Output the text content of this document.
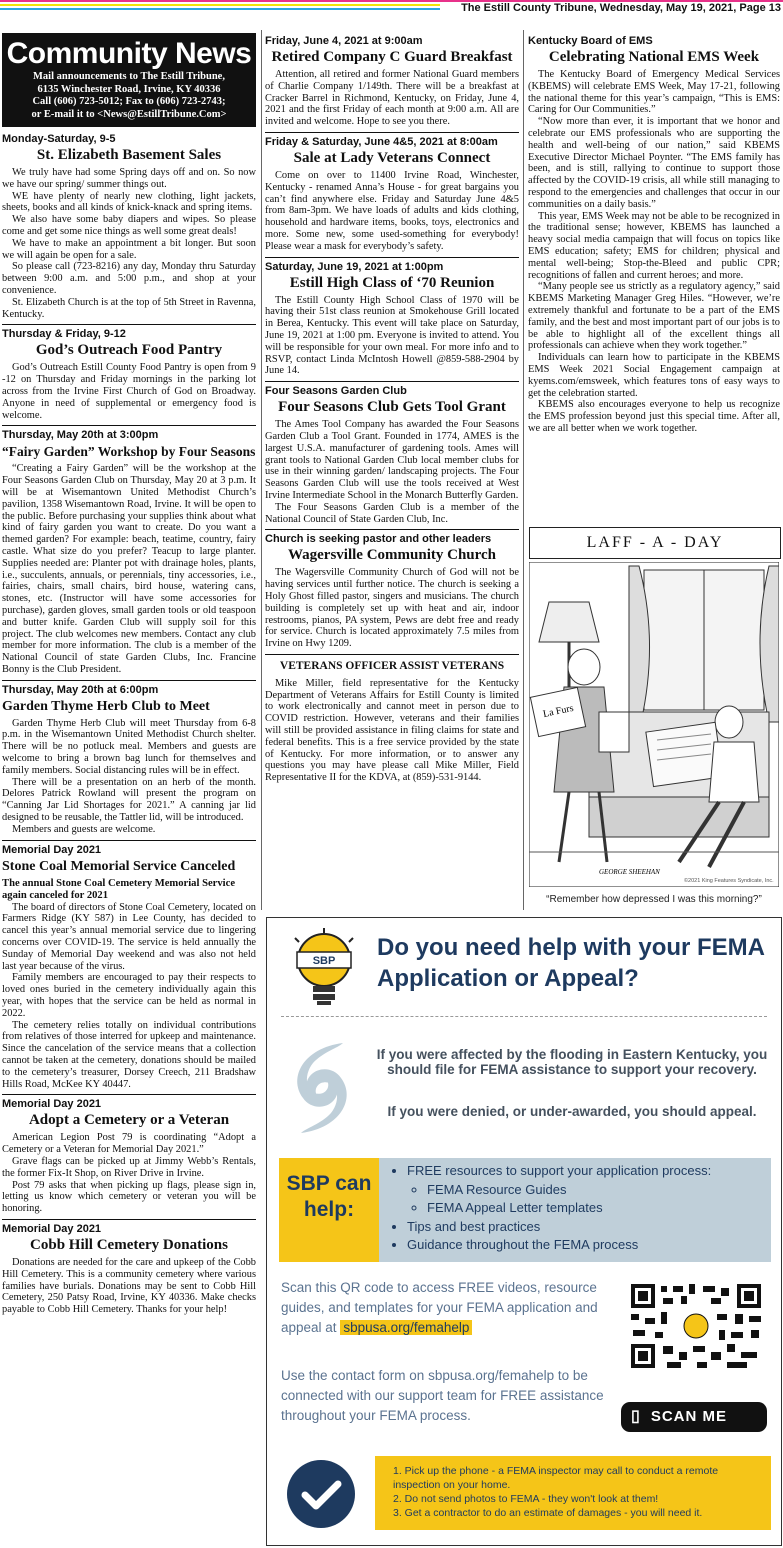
The Estill County Tribune, Wednesday, May 19, 2021, Page 13
Community News
Mail announcements to The Estill Tribune,
6135 Winchester Road, Irvine, KY 40336
Call (606) 723-5012; Fax to (606) 723-2743;
or E-mail it to <News@EstillTribune.Com>
Monday-Saturday, 9-5
St. Elizabeth Basement Sales

We truly have had some Spring days off and on. So now we have our spring/ summer things out.

WE have plenty of nearly new clothing, light jackets, sheets, books and all kinds of knick-knack and spring items.

We also have some baby diapers and wipes. So please come and get some nice things as well some great deals!

We have to make an appointment a bit longer. But soon we will again be open for a sale.

So please call (723-8216) any day, Monday thru Saturday between 9:00 a.m. and 5:00 p.m., and shop at your convenience.

St. Elizabeth Church is at the top of 5th Street in Ravenna, Kentucky.

Thursday & Friday, 9-12
God’s Outreach Food Pantry

God’s Outreach Estill County Food Pantry is open from 9 -12 on Thursday and Friday mornings in the parking lot across from the Irvine First Church of God on Broadway. Anyone in need of supplemental or emergency food is welcome.

Thursday, May 20th at 3:00pm
“Fairy Garden” Workshop by Four Seasons

“Creating a Fairy Garden” will be the workshop at the Four Seasons Garden Club on Thursday, May 20 at 3 p.m. It will be at Wisemantown United Methodist Church’s pavilion, 1358 Wisemantown Road, Irvine. It will be open to the public. Before purchasing your supplies think about what kind of fairy garden you want to create. Do you want a themed garden? For example: beach, teatime, country, fairy castle. What size do you prefer? Teacup to large planter. Supplies needed are: Planter pot with drainage holes, plants, i.e., succulents, annuals, or perennials, tiny accessories, i.e., fairies, chairs, small chairs, bird house, watering cans, stones, etc. (Instructor will have some accessories for purchase), garden gloves, small garden tools or old teaspoon and butter knife. Garden Club will supply soil for this project. The club welcomes new members. Contact any club member for more information. The club is a member of the National Council of state Garden Clubs, Inc. Francine Bonny is the Club President.

Thursday, May 20th at 6:00pm
Garden Thyme Herb Club to Meet

Garden Thyme Herb Club will meet Thursday from 6-8 p.m. in the Wisemantown United Methodist Church shelter. There will be no potluck meal. Members and guests are welcome to bring a brown bag lunch for themselves and family members. Social distancing rules will be in effect.

There will be a presentation on an herb of the month. Delores Patrick Rowland will present the program on “Canning Jar Lid Shortages for 2021.” A canning jar lid designed to be reusable, the Tattler lid, will be introduced.

Members and guests are welcome.

Memorial Day 2021
Stone Coal Memorial Service Canceled
The annual Stone Coal Cemetery Memorial Service again canceled for 2021

The board of directors of Stone Coal Cemetery, located on Farmers Ridge (KY 587) in Lee County, has decided to cancel this year’s annual memorial service due to lingering concerns over COVID-19. The service is held annually the Sunday of Memorial Day weekend and was also not held last year because of the virus.

Family members are encouraged to pay their respects to loved ones buried in the cemetery individually again this year, with hopes that the service can be held as normal in 2022.

The cemetery relies totally on individual contributions from relatives of those interred for upkeep and maintenance. Since the cancelation of the service means that a collection cannot be taken at the cemetery, donations should be mailed to the cemetery’s treasurer, Dorsey Creech, 211 Bradshaw Hills Road, McKee KY 40447.

Memorial Day 2021
Adopt a Cemetery or a Veteran

American Legion Post 79 is coordinating “Adopt a Cemetery or a Veteran for Memorial Day 2021.”

Grave flags can be picked up at Jimmy Webb’s Rentals, the former Fix-It Shop, on River Drive in Irvine.

Post 79 asks that when picking up flags, please sign in, letting us know which cemetery or veteran you will be honoring.

Memorial Day 2021
Cobb Hill Cemetery Donations

Donations are needed for the care and upkeep of the Cobb Hill Cemetery. This is a community cemetery where various families have burials. Donations may be sent to Cobb Hill Cemetery, 250 Patsy Road, Irvine, KY 40336. Make checks payable to Cobb Hill Cemetery. Thanks for your help!

Friday, June 4, 2021 at 9:00am
Retired Company C Guard Breakfast

Attention, all retired and former National Guard members of Charlie Company 1/149th. There will be a breakfast at Cracker Barrel in Richmond, Kentucky, on Friday, June 4, 2021 and the first Friday of each month at 9:00 a.m. All are invited and welcome. Hope to see you there.

Friday & Saturday, June 4&5, 2021 at 8:00am
Sale at Lady Veterans Connect

Come on over to 11400 Irvine Road, Winchester, Kentucky - renamed Anna’s House - for great bargains you can’t find anywhere else. Friday and Saturday June 4&5 from 8am-3pm. We have loads of adults and kids clothing, household and hardware items, books, toys, electronics and more. Some new, some used-something for everybody! Please wear a mask for everybody’s safety.

Saturday, June 19, 2021 at 1:00pm
Estill High Class of ‘70 Reunion

The Estill County High School Class of 1970 will be having their 51st class reunion at Smokehouse Grill located in Berea, Kentucky. This event will take place on Saturday, June 19, 2021 at 1:00 pm. Everyone is invited to attend. You will be responsible for your own meal. For more info and to RSVP, contact Linda McIntosh Howell @859-588-2904 by June 14.

Four Seasons Garden Club
Four Seasons Club Gets Tool Grant

The Ames Tool Company has awarded the Four Seasons Garden Club a Tool Grant. Founded in 1774, AMES is the largest U.S.A. manufacturer of gardening tools. Ames will grant tools to National Garden Club local member clubs for use in their winning garden/ landscaping projects. The Four Seasons Garden Club will use the tools received at West Irvine Intermediate School in the Monarch Butterfly Garden.

The Four Seasons Garden Club is a member of the National Council of State Garden Club, Inc.

Church is seeking pastor and other leaders
Wagersville Community Church

The Wagersville Community Church of God will not be having services until further notice. The church is seeking a Holy Ghost filled pastor, singers and musicians. The church building is completely set up with heat and air, indoor restrooms, pianos, PA system, Pews are debt free and ready for service. Church is located approximately 7.5 miles from Irvine on Hwy 1209.

VETERANS OFFICER ASSIST VETERANS

Mike Miller, field representative for the Kentucky Department of Veterans Affairs for Estill County is limited to work electronically and cannot meet in person due to COVID restriction. However, veterans and their families will still be provided assistance in filing claims for state and federal benefits. This is a free service provided by the state of Kentucky. For more information, or to answer any questions you may have please call Mike Miller, Field Representative II for the KDVA, at (859)-531-9144.

Kentucky Board of EMS
Celebrating National EMS Week

The Kentucky Board of Emergency Medical Services (KBEMS) will celebrate EMS Week, May 17-21, following the national theme for this year’s campaign, “This is EMS: Caring for Our Communities.”

“Now more than ever, it is important that we honor and celebrate our EMS professionals who are supporting the health and well-being of our nation,” said KBEMS Executive Director Michael Poynter. “The EMS family has been, and is still, rallying to continue to support those affected by the COVID-19 crisis, all while still managing to respond to the emergencies and challenges that occur in our communities on a daily basis.”

This year, EMS Week may not be able to be recognized in the traditional sense; however, KBEMS has launched a heavy social media campaign that will focus on topics like EMS education; safety; EMS for children; physical and mental well-being; Stop-the-Bleed and public CPR; recognitions of fallen and current heroes; and more.

“Many people see us strictly as a regulatory agency,” said KBEMS Marketing Manager Greg Hiles. “However, we’re extremely thankful and fortunate to be a part of the EMS family, and the best and most important part of our jobs is to be able to highlight all of the excellent things all professionals can achieve when they work together.”

Individuals can learn how to participate in the KBEMS EMS Week 2021 Social Engagement campaign at kyems.com/emsweek, which features tons of easy ways to get the celebration started.

KBEMS also encourages everyone to help us recognize the EMS profession beyond just this special time. After all, we are all better when we work together.

LAFF - A - DAY
La Furs
GEORGE SHEEHAN
©2021 King Features Syndicate, Inc.
“Remember how depressed I was this morning?”
SBP Do you need help with your FEMA Application or Appeal?
If you were affected by the flooding in Eastern Kentucky, you should file for FEMA assistance to support your recovery.
If you were denied, or under-awarded, you should appeal.
SBP can help:
• FREE resources to support your application process:
◦ FEMA Resource Guides
◦ FEMA Appeal Letter templates
• Tips and best practices
• Guidance throughout the FEMA process
Scan this QR code to access FREE videos, resource guides, and templates for your FEMA application and appeal at sbpusa.org/femahelp
Use the contact form on sbpusa.org/femahelp to be connected with our support team for FREE assistance throughout your FEMA process.	▯ SCAN ME
1. Pick up the phone - a FEMA inspector may call to conduct a remote inspection on your home.
2. Do not send photos to FEMA - they won't look at them!
3. Get a contractor to do an estimate of damages - you will need it.
